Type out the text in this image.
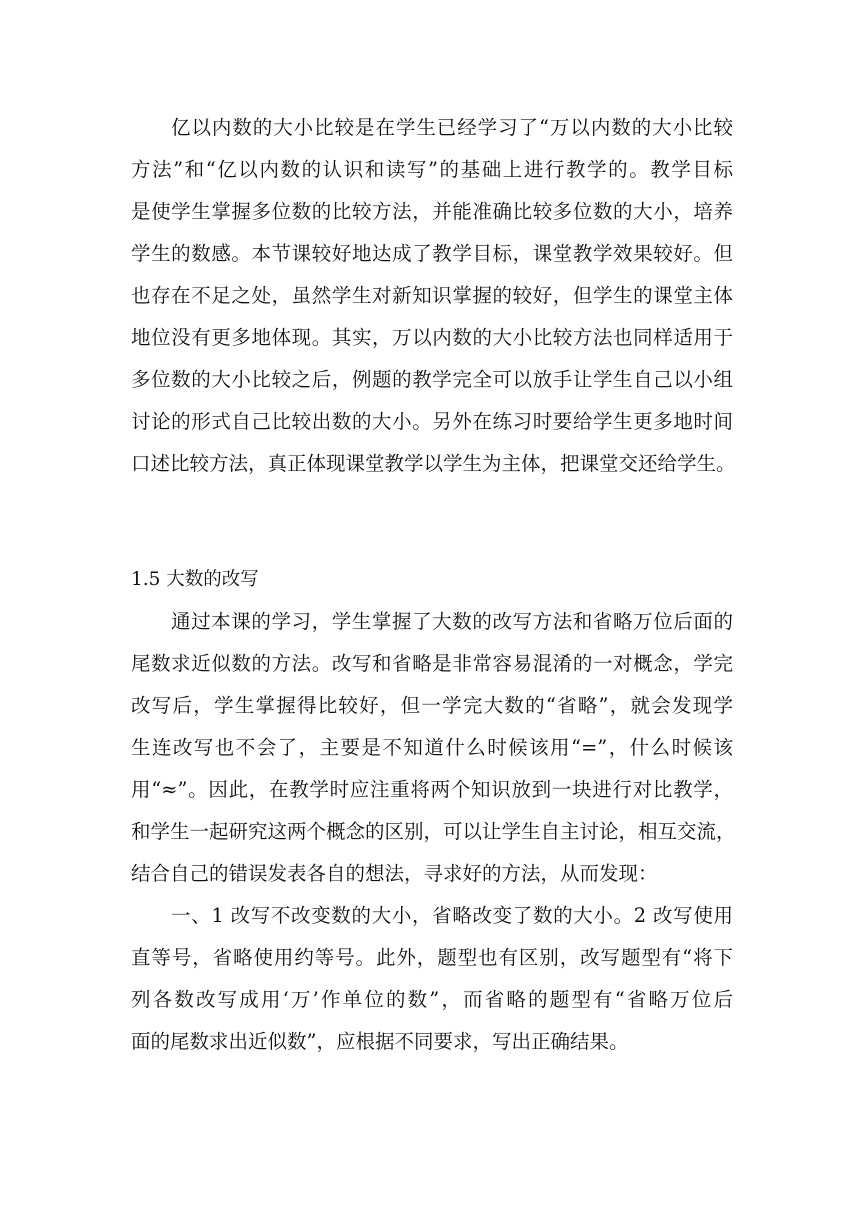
亿以内数的大小比较是在学生已经学习了“万以内数的大小比较
方法”和“亿以内数的认识和读写”的基础上进行教学的。教学目标
是使学生掌握多位数的比较方法，并能准确比较多位数的大小，培养
学生的数感。本节课较好地达成了教学目标，课堂教学效果较好。但
也存在不足之处，虽然学生对新知识掌握的较好，但学生的课堂主体
地位没有更多地体现。其实，万以内数的大小比较方法也同样适用于
多位数的大小比较之后，例题的教学完全可以放手让学生自己以小组
讨论的形式自己比较出数的大小。另外在练习时要给学生更多地时间
口述比较方法，真正体现课堂教学以学生为主体，把课堂交还给学生。
1.5 大数的改写
通过本课的学习，学生掌握了大数的改写方法和省略万位后面的
尾数求近似数的方法。改写和省略是非常容易混淆的一对概念，学完
改写后，学生掌握得比较好，但一学完大数的“省略”，就会发现学
生连改写也不会了，主要是不知道什么时候该用“=”，什么时候该
用“≈”。因此，在教学时应注重将两个知识放到一块进行对比教学，
和学生一起研究这两个概念的区别，可以让学生自主讨论，相互交流，
结合自己的错误发表各自的想法，寻求好的方法，从而发现：
一、1 改写不改变数的大小，省略改变了数的大小。2 改写使用
直等号，省略使用约等号。此外，题型也有区别，改写题型有“将下
列各数改写成用‘万’作单位的数”，而省略的题型有“省略万位后
面的尾数求出近似数”，应根据不同要求，写出正确结果。
